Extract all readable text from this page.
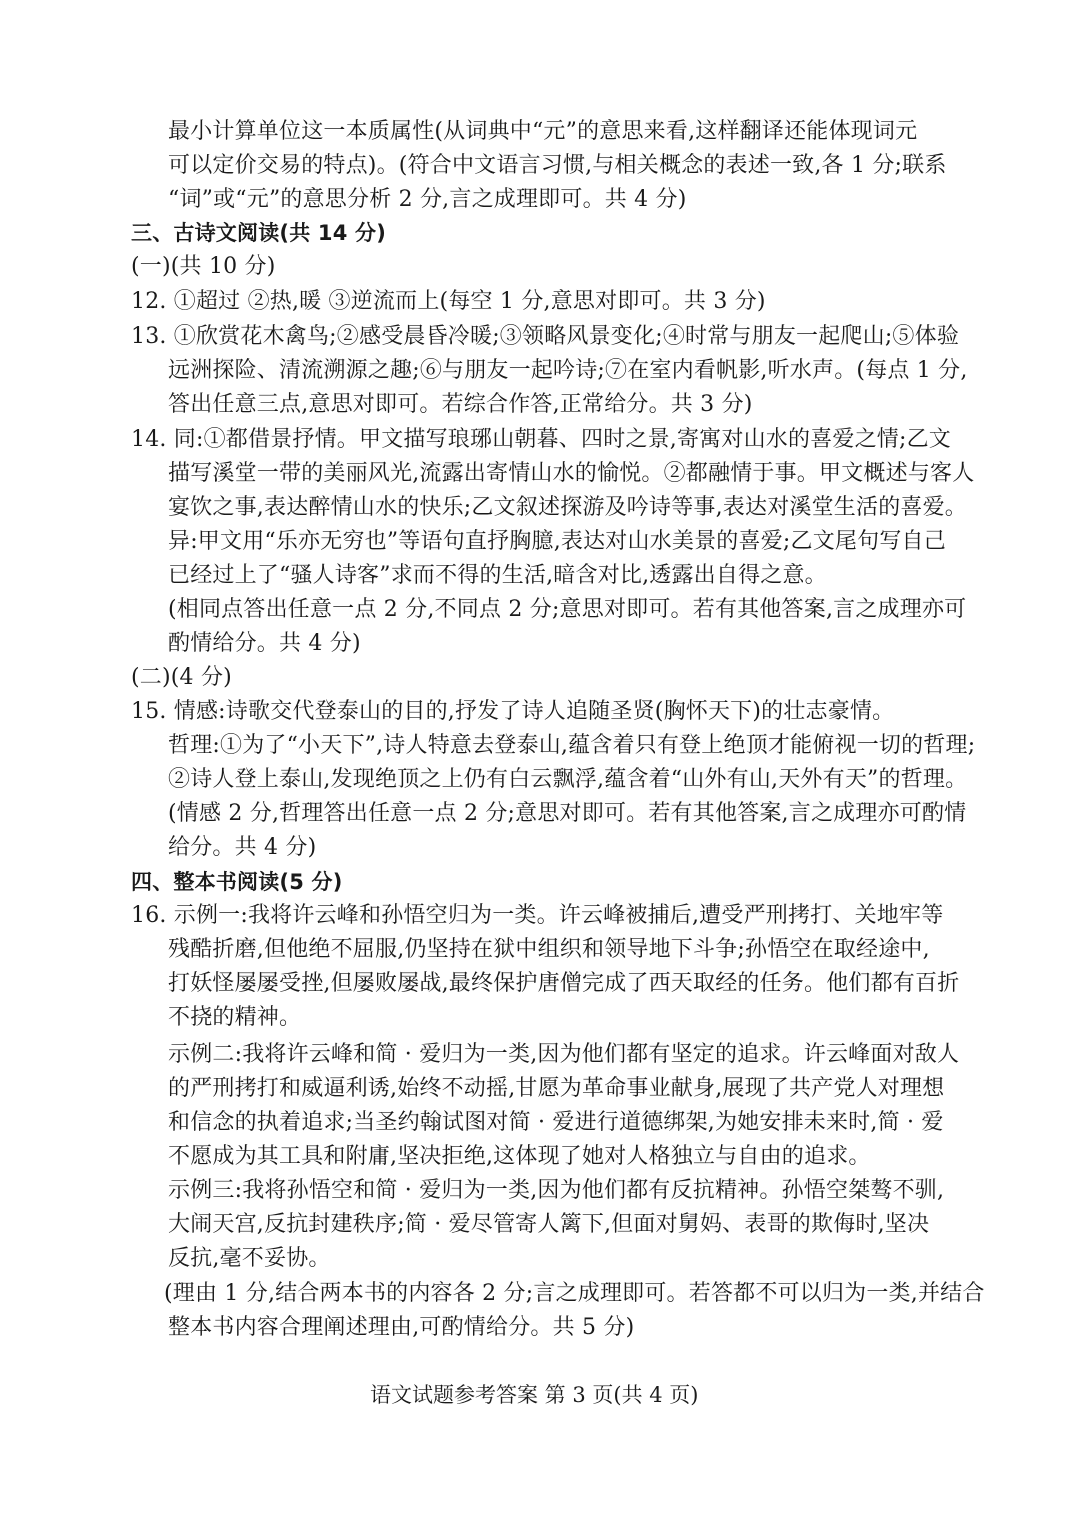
最小计算单位这一本质属性(从词典中“元”的意思来看,这样翻译还能体现词元
可以定价交易的特点)。(符合中文语言习惯,与相关概念的表述一致,各 1 分;联系
“词”或“元”的意思分析 2 分,言之成理即可。共 4 分)
三、古诗文阅读(共 14 分)
(一)(共 10 分)
12. ①超过 ②热,暖 ③逆流而上(每空 1 分,意思对即可。共 3 分)
13. ①欣赏花木禽鸟;②感受晨昏冷暖;③领略风景变化;④时常与朋友一起爬山;⑤体验
远洲探险、清流溯源之趣;⑥与朋友一起吟诗;⑦在室内看帆影,听水声。(每点 1 分,
答出任意三点,意思对即可。若综合作答,正常给分。共 3 分)
14. 同:①都借景抒情。甲文描写琅琊山朝暮、四时之景,寄寓对山水的喜爱之情;乙文
描写溪堂一带的美丽风光,流露出寄情山水的愉悦。②都融情于事。甲文概述与客人
宴饮之事,表达醉情山水的快乐;乙文叙述探游及吟诗等事,表达对溪堂生活的喜爱。
异:甲文用“乐亦无穷也”等语句直抒胸臆,表达对山水美景的喜爱;乙文尾句写自己
已经过上了“骚人诗客”求而不得的生活,暗含对比,透露出自得之意。
(相同点答出任意一点 2 分,不同点 2 分;意思对即可。若有其他答案,言之成理亦可
酌情给分。共 4 分)
(二)(4 分)
15. 情感:诗歌交代登泰山的目的,抒发了诗人追随圣贤(胸怀天下)的壮志豪情。
哲理:①为了“小天下”,诗人特意去登泰山,蕴含着只有登上绝顶才能俯视一切的哲理;
②诗人登上泰山,发现绝顶之上仍有白云飘浮,蕴含着“山外有山,天外有天”的哲理。
(情感 2 分,哲理答出任意一点 2 分;意思对即可。若有其他答案,言之成理亦可酌情
给分。共 4 分)
四、整本书阅读(5 分)
16. 示例一:我将许云峰和孙悟空归为一类。许云峰被捕后,遭受严刑拷打、关地牢等
残酷折磨,但他绝不屈服,仍坚持在狱中组织和领导地下斗争;孙悟空在取经途中,
打妖怪屡屡受挫,但屡败屡战,最终保护唐僧完成了西天取经的任务。他们都有百折
不挠的精神。
示例二:我将许云峰和简 · 爱归为一类,因为他们都有坚定的追求。许云峰面对敌人
的严刑拷打和威逼利诱,始终不动摇,甘愿为革命事业献身,展现了共产党人对理想
和信念的执着追求;当圣约翰试图对简 · 爱进行道德绑架,为她安排未来时,简 · 爱
不愿成为其工具和附庸,坚决拒绝,这体现了她对人格独立与自由的追求。
示例三:我将孙悟空和简 · 爱归为一类,因为他们都有反抗精神。孙悟空桀骜不驯,
大闹天宫,反抗封建秩序;简 · 爱尽管寄人篱下,但面对舅妈、表哥的欺侮时,坚决
反抗,毫不妥协。
(理由 1 分,结合两本书的内容各 2 分;言之成理即可。若答都不可以归为一类,并结合
整本书内容合理阐述理由,可酌情给分。共 5 分)
语文试题参考答案 第 3 页(共 4 页)
